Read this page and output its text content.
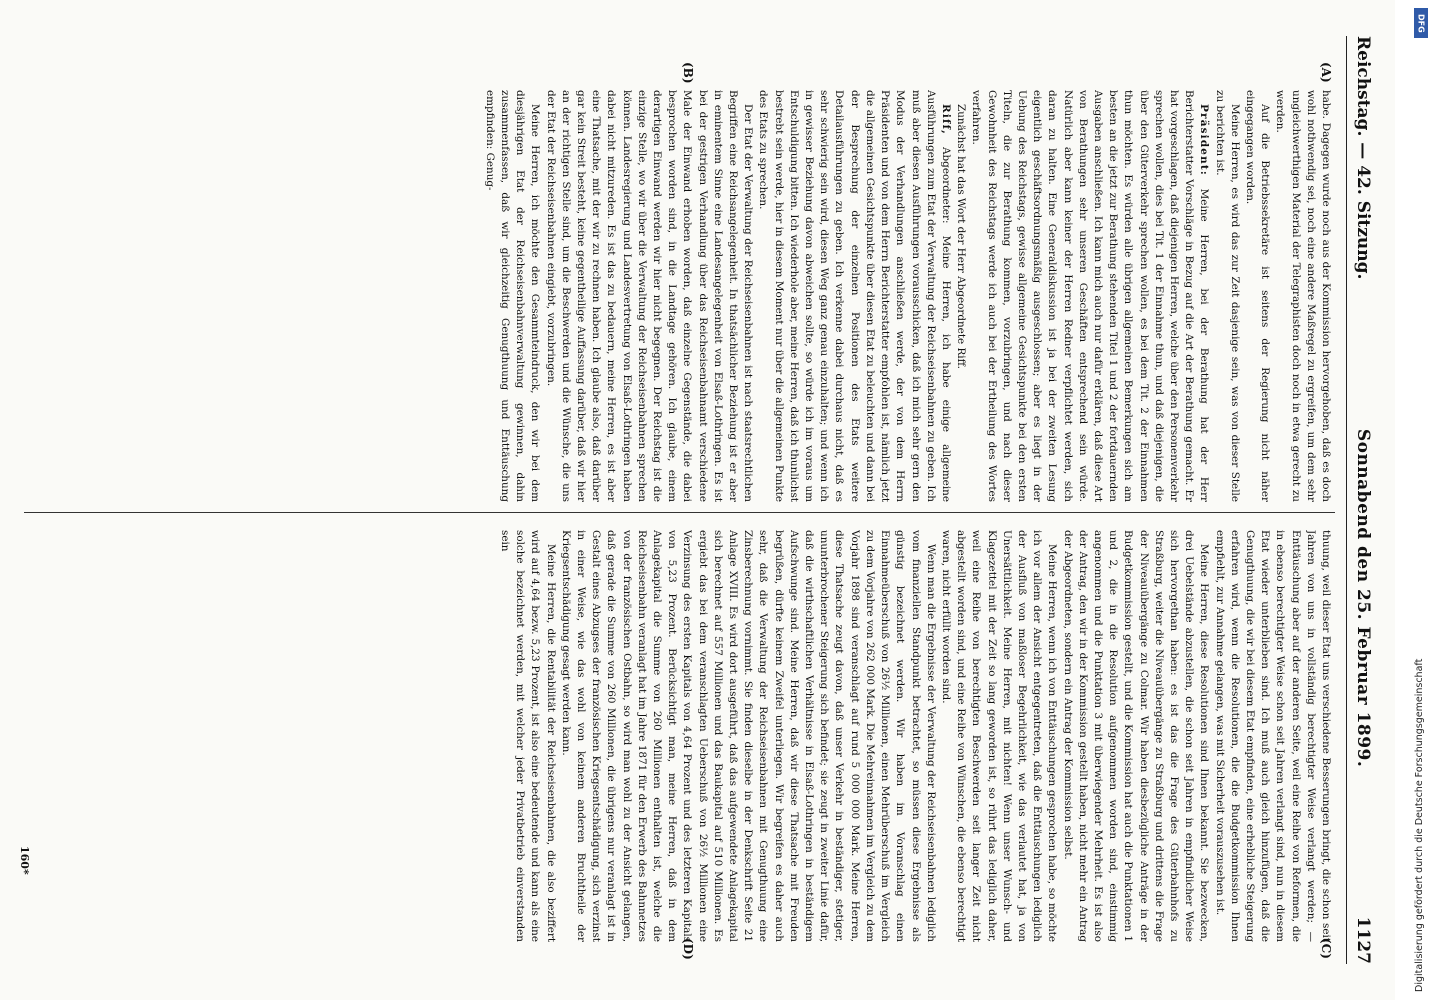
Reichstag. — 42. Sitzung.
Sonnabend den 25. Februar 1899.
1127
(A)
(B)
(C)
(D)

habe. Dagegen wurde noch aus der Kommission hervorgehoben, daß es doch wohl nothwendig sei, noch eine andere Maßregel zu ergreifen, um dem sehr ungleichwerthigen Material der Telegraphisten doch noch in etwa gerecht zu werden.

Auf die Betriebssekretäre ist seitens der Regierung nicht näher eingegangen worden.

Meine Herren, es wird das zur Zeit dasjenige sein, was von dieser Stelle zu berichten ist.

Präsident: Meine Herren, bei der Berathung hat der Herr Berichterstatter Vorschläge in Bezug auf die Art der Berathung gemacht. Er hat vorgeschlagen, daß diejenigen Herren, welche über den Personenverkehr sprechen wollen, dies bei Tit. 1 der Einnahme thun, und daß diejenigen, die über den Güterverkehr sprechen wollen, es bei dem Tit. 2 der Einnahmen thun möchten. Es würden alle übrigen allgemeinen Bemerkungen sich am besten an die jetzt zur Berathung stehenden Titel 1 und 2 der fortdauernden Ausgaben anschließen. Ich kann mich auch nur dafür erklären, daß diese Art von Berathungen sehr unseren Geschäften entsprechend sein würde. Natürlich aber kann keiner der Herren Redner verpflichtet werden, sich daran zu halten. Eine Generaldiskussion ist ja bei der zweiten Lesung eigentlich geschäftsordnungsmäßig ausgeschlossen; aber es liegt in der Uebung des Reichstags, gewisse allgemeine Gesichtspunkte bei den ersten Titeln, die zur Berathung kommen, vorzubringen, und nach dieser Gewohnheit des Reichstags werde ich auch bei der Ertheilung des Wortes verfahren.

Zunächst hat das Wort der Herr Abgeordnete Riff.

Riff, Abgeordneter: Meine Herren, ich habe einige allgemeine Ausführungen zum Etat der Verwaltung der Reichseisenbahnen zu geben. Ich muß aber diesen Ausführungen vorausschicken, daß ich mich sehr gern den Modus der Verhandlungen anschließen werde, der von dem Herrn Präsidenten und von dem Herrn Berichterstatter empfohlen ist, nämlich jetzt die allgemeinen Gesichtspunkte über diesen Etat zu beleuchten und dann bei der Besprechung der einzelnen Positionen des Etats weitere Detailausführungen zu geben. Ich verkenne dabei durchaus nicht, daß es sehr schwierig sein wird, diesen Weg ganz genau einzuhalten; und wenn ich in gewisser Beziehung davon abweichen sollte, so würde ich im voraus um Entschuldigung bitten. Ich wiederhole aber, meine Herren, daß ich thunlichst bestrebt sein werde, hier in diesem Moment nur über die allgemeinen Punkte des Etats zu sprechen.

Der Etat der Verwaltung der Reichseisenbahnen ist nach staatsrechtlichen Begriffen eine Reichsangelegenheit. In thatsächlicher Beziehung ist er aber in eminentem Sinne eine Landesangelegenheit von Elsaß-Lothringen. Es ist bei der gestrigen Verhandlung über das Reichseisenbahnamt verschiedene Male der Einwand erhoben worden, daß einzelne Gegenstände, die dabei besprochen worden sind, in die Landtage gehören. Ich glaube, einem derartigen Einwand werden wir hier nicht begegnen. Der Reichstag ist die einzige Stelle, wo wir über die Verwaltung der Reichseisenbahnen sprechen können. Landesregierung und Landesvertretung von Elsaß-Lothringen haben dabei nicht mitzureden. Es ist das zu bedauern, meine Herren, es ist aber eine Thatsache, mit der wir zu rechnen haben. Ich glaube also, daß darüber gar kein Streit besteht, keine gegentheilige Auffassung darüber, daß wir hier an der richtigen Stelle sind, um die Beschwerden und die Wünsche, die uns der Etat der Reichseisenbahnen eingiebt, vorzubringen.

Meine Herren, ich möchte den Gesammteindruck, den wir bei dem diesjährigen Etat der Reichseisenbahnverwaltung gewinnen, dahin zusammenfassen, daß wir gleichzeitig Genugthuung und Enttäuschung empfinden: Genug-

thuung, weil dieser Etat uns verschiedene Besserungen bringt, die schon seit Jahren von uns in vollständig berechtigter Weise verlangt werden; — Enttäuschung aber auf der anderen Seite, weil eine Reihe von Reformen, die in ebenso berechtigter Weise schon seit Jahren verlangt sind, nun in diesem Etat wieder unterblieben sind. Ich muß auch gleich hinzufügen, daß die Genugthuung, die wir bei diesem Etat empfinden, eine erhebliche Steigerung erfahren wird, wenn die Resolutionen, die die Budgetkommission Ihnen empfiehlt, zur Annahme gelangen, was mit Sicherheit vorauszusehen ist.

Meine Herren, diese Resolutionen sind Ihnen bekannt. Sie bezwecken, drei Uebelstände abzustellen, die schon seit Jahren in empfindlicher Weise sich hervorgethan haben: es ist das die Frage des Güterbahnhofs zu Straßburg, weiter die Niveauübergänge zu Straßburg und drittens die Frage der Niveauübergänge zu Colmar. Wir haben diesbezügliche Anträge in der Budgetkommission gestellt, und die Kommission hat auch die Punktationen 1 und 2, die in die Resolution aufgenommen worden sind, einstimmig angenommen und die Punktation 3 mit überwiegender Mehrheit. Es ist also der Antrag, den wir in der Kommission gestellt haben, nicht mehr ein Antrag der Abgeordneten, sondern ein Antrag der Kommission selbst.

Meine Herren, wenn ich von Enttäuschungen gesprochen habe, so möchte ich vor allem der Ansicht entgegentreten, daß die Enttäuschungen lediglich der Ausfluß von maßloser Begehrlichkeit, wie das verlautet hat, ja von Unersättlichkeit. Meine Herren, mit nichten! Wenn unser Wunsch- und Klagezettel mit der Zeit so lang geworden ist, so rührt das lediglich daher, weil eine Reihe von berechtigten Beschwerden seit langer Zeit nicht abgestellt worden sind, und eine Reihe von Wünschen, die ebenso berechtigt waren, nicht erfüllt worden sind.

Wenn man die Ergebnisse der Verwaltung der Reichseisenbahnen lediglich vom finanziellen Standpunkt betrachtet, so müssen diese Ergebnisse als günstig bezeichnet werden. Wir haben im Voranschlag einen Einnahmeüberschuß von 26½ Millionen, einen Mehrüberschuß im Vergleich zu dem Vorjahre von 262 000 Mark. Die Mehreinnahmen im Vergleich zu dem Vorjahr 1898 sind veranschlagt auf rund 5 000 000 Mark. Meine Herren, diese Thatsache zeugt davon, daß unser Verkehr in beständiger, stetiger, ununterbrochener Steigerung sich befindet; sie zeugt in zweiter Linie dafür, daß die wirthschaftlichen Verhältnisse in Elsaß-Lothringen in beständigem Aufschwunge sind. Meine Herren, daß wir diese Thatsache mit Freuden begrüßen, dürfte keinem Zweifel unterliegen. Wir begreifen es daher auch sehr, daß die Verwaltung der Reichseisenbahnen mit Genugthuung eine Zinsberechnung vornimmt. Sie finden dieselbe in der Denkschrift Seite 21 Anlage XVIII. Es wird dort ausgeführt, daß das aufgewendete Anlagekapital sich berechnet auf 557 Millionen und das Baukapital auf 510 Millionen. Es ergiebt das bei dem veranschlagten Ueberschuß von 26½ Millionen eine Verzinsung des ersten Kapitals von 4,64 Prozent und des letzteren Kapitals von 5,23 Prozent. Berücksichtigt man, meine Herren, daß in dem Anlagekapital die Summe von 260 Millionen enthalten ist, welche die Reichseisenbahn veranlagt hat im Jahre 1871 für den Erwerb des Bahnnetzes von der französischen Ostbahn, so wird man wohl zu der Ansicht gelangen, daß gerade die Summe von 260 Millionen, die übrigens nur veranlagt ist in Gestalt eines Abzugses der französischen Kriegsentschädigung, sich verzinst in einer Weise, wie das wohl von keinem anderen Bruchtheile der Kriegsentschädigung gesagt werden kann.

Meine Herren, die Rentabilität der Reichseisenbahnen, die also beziffert wird auf 4,64 bezw. 5,23 Prozent, ist also eine bedeutende und kann als eine solche bezeichnet werden, mit welcher jeder Privatbetrieb einverstanden sein

160*
DFG
Digitalisierung gefördert durch die Deutsche Forschungsgemeinschaft
